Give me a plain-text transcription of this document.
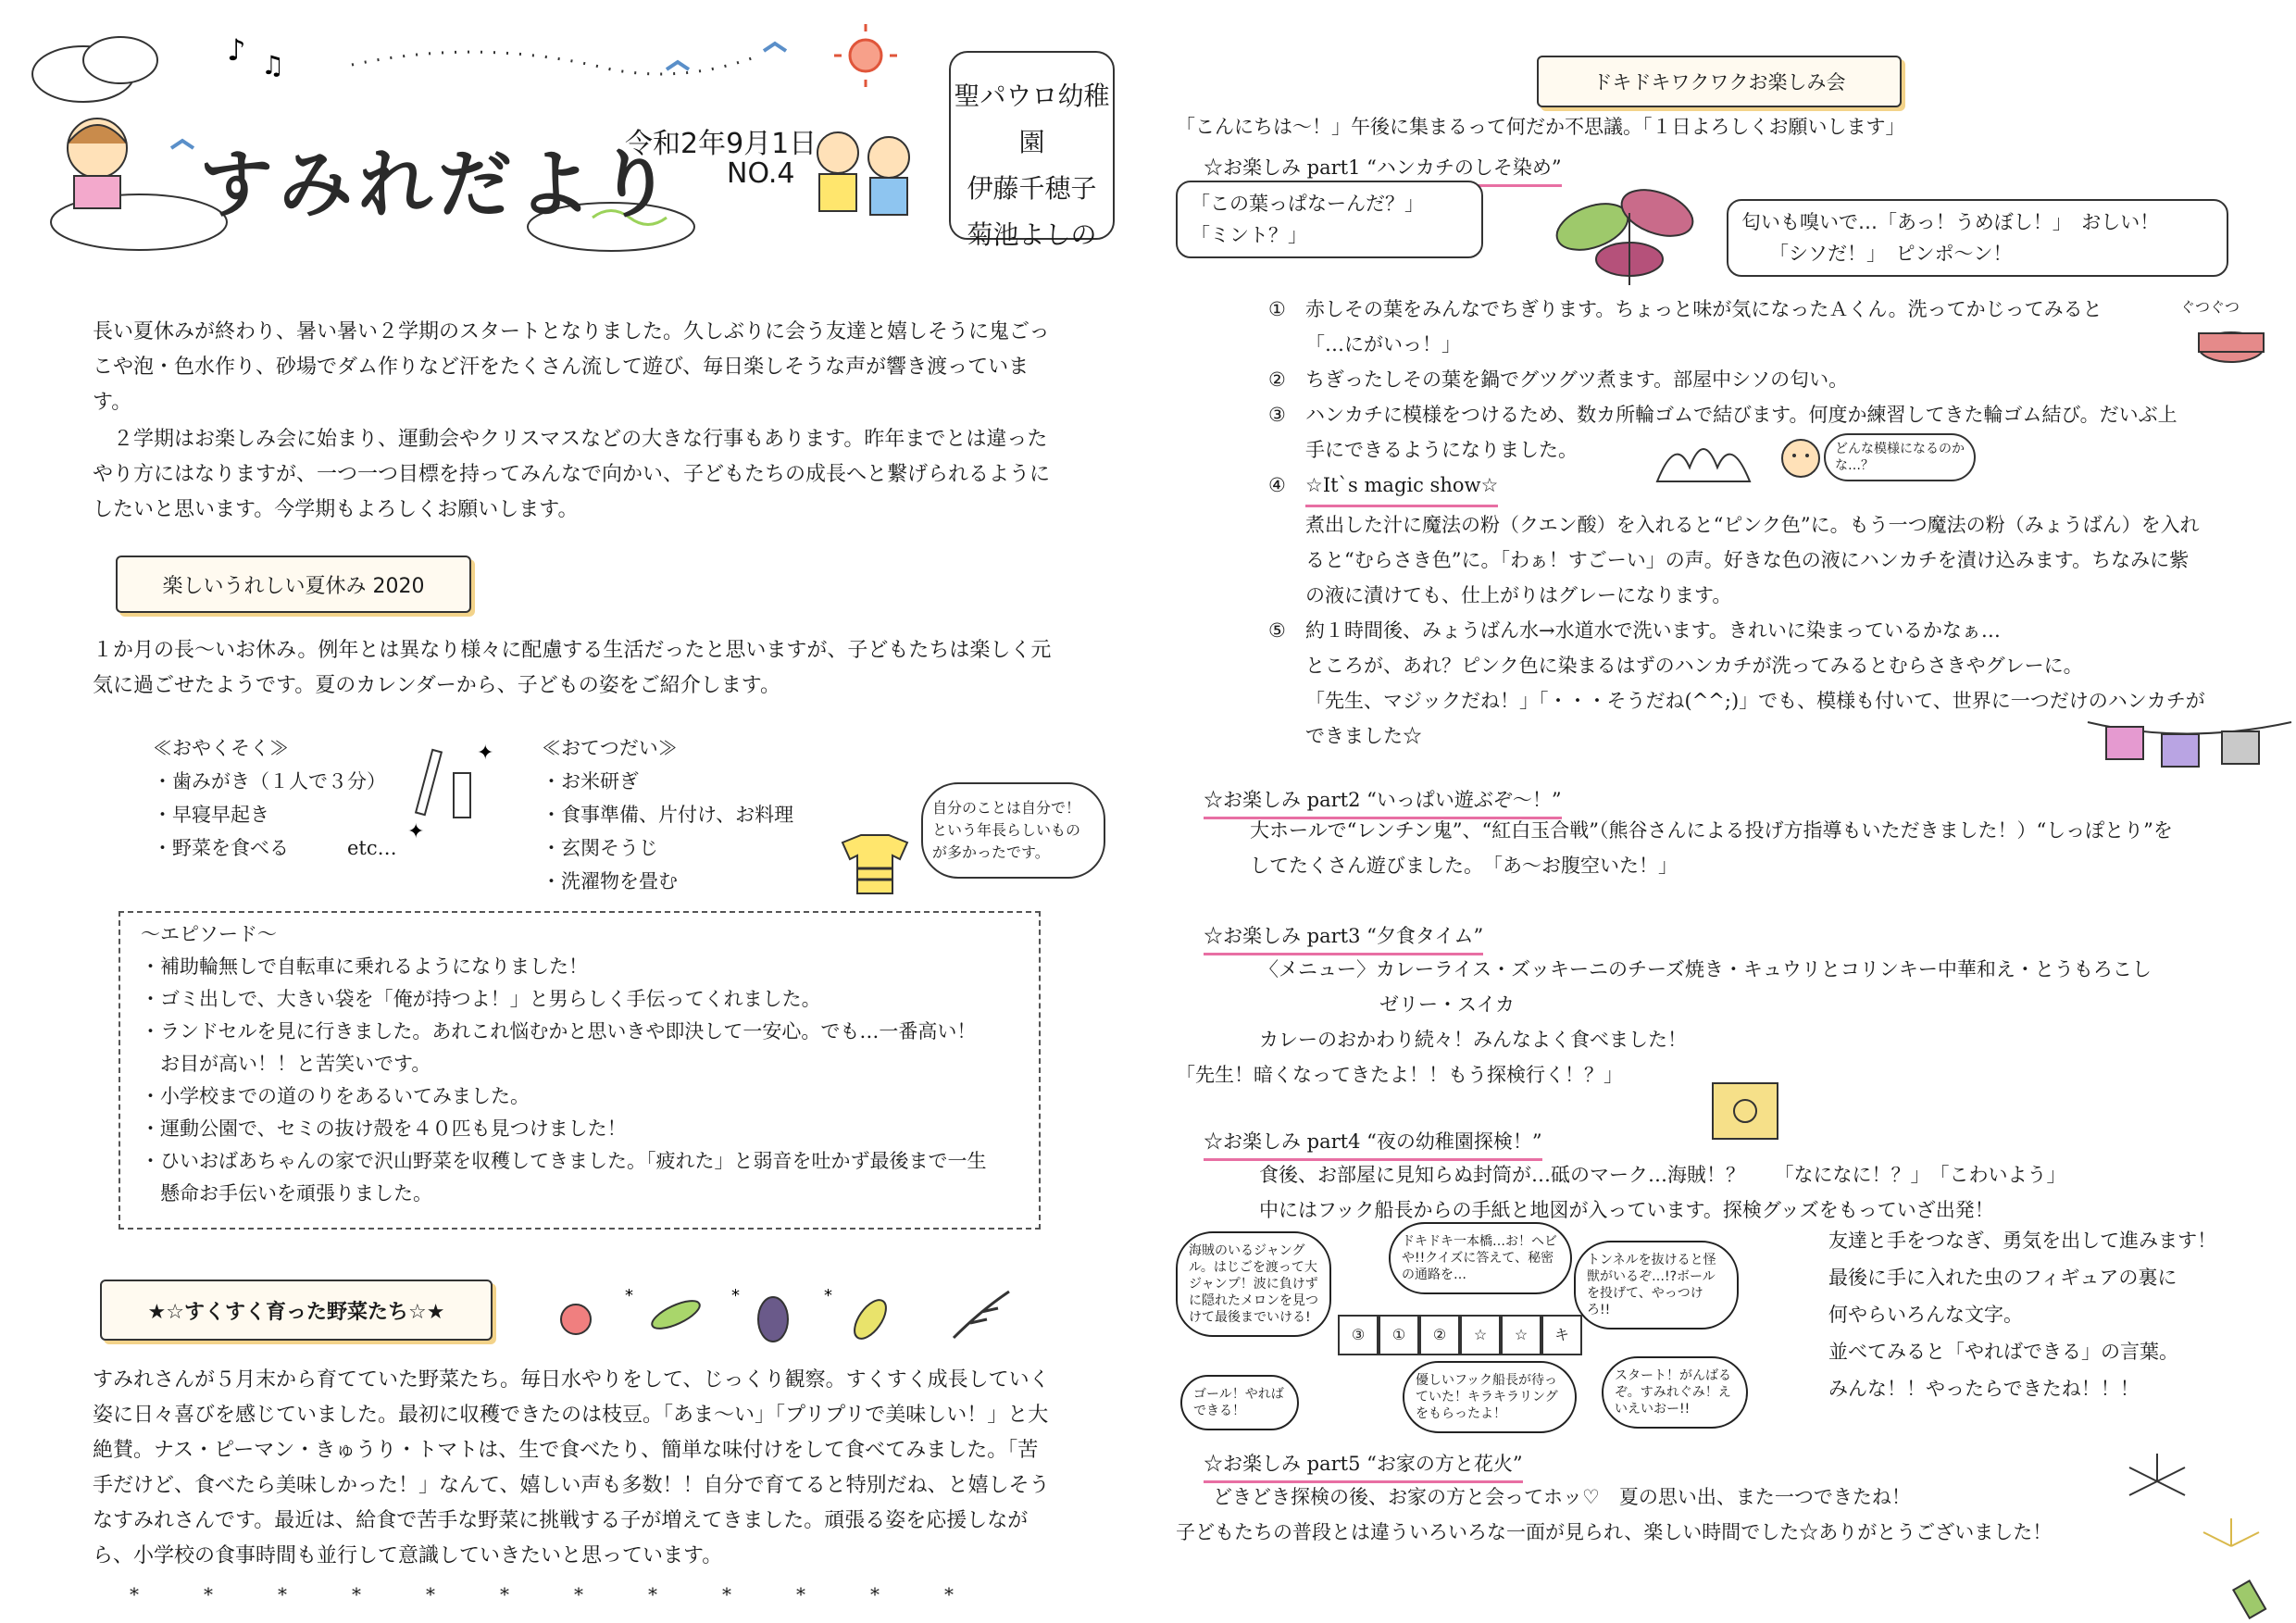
♪ ♫
すみれだより
令和2年9月1日
NO.4
聖パウロ幼稚園
伊藤千穂子
菊池よしの
長い夏休みが終わり、暑い暑い２学期のスタートとなりました。久しぶりに会う友達と嬉しそうに鬼ごっこや泡・色水作り、砂場でダム作りなど汗をたくさん流して遊び、毎日楽しそうな声が響き渡っています。
２学期はお楽しみ会に始まり、運動会やクリスマスなどの大きな行事もあります。昨年までとは違ったやり方にはなりますが、一つ一つ目標を持ってみんなで向かい、子どもたちの成長へと繋げられるようにしたいと思います。今学期もよろしくお願いします。
楽しいうれしい夏休み 2020
１か月の長～いお休み。例年とは異なり様々に配慮する生活だったと思いますが、子どもたちは楽しく元気に過ごせたようです。夏のカレンダーから、子どもの姿をご紹介します。
≪おやくそく≫
・歯みがき（１人で３分）
・早寝早起き
・野菜を食べる　　　etc…
✦
✦
≪おてつだい≫
・お米研ぎ
・食事準備、片付け、お料理
・玄関そうじ
・洗濯物を畳む
自分のことは自分で！という年長らしいものが多かったです。
～エピソード～
・補助輪無しで自転車に乗れるようになりました！
・ゴミ出しで、大きい袋を「俺が持つよ！」と男らしく手伝ってくれました。
・ランドセルを見に行きました。あれこれ悩むかと思いきや即決して一安心。でも…一番高い！
　お目が高い！！と苦笑いです。
・小学校までの道のりをあるいてみました。
・運動公園で、セミの抜け殻を４０匹も見つけました！
・ひいおばあちゃんの家で沢山野菜を収穫してきました。「疲れた」と弱音を吐かず最後まで一生
　懸命お手伝いを頑張りました。
★☆すくすく育った野菜たち☆★
*	*	*
すみれさんが５月末から育てていた野菜たち。毎日水やりをして、じっくり観察。すくすく成長していく姿に日々喜びを感じていました。最初に収穫できたのは枝豆。「あま～い」「プリプリで美味しい！」と大絶賛。ナス・ピーマン・きゅうり・トマトは、生で食べたり、簡単な味付けをして食べてみました。「苦手だけど、食べたら美味しかった！」なんて、嬉しい声も多数！！自分で育てると特別だね、と嬉しそうなすみれさんです。最近は、給食で苦手な野菜に挑戦する子が増えてきました。頑張る姿を応援しながら、小学校の食事時間も並行して意識していきたいと思っています。
*	*	*	*	*	*	*	*	*	*	*	*
ドキドキワクワクお楽しみ会
「こんにちは～！」午後に集まるって何だか不思議。「１日よろしくお願いします」
☆お楽しみ part1 “ハンカチのしそ染め”
「この葉っぱなーんだ？」
「ミント？」
匂いも嗅いで…「あっ！うめぼし！」　おしい！
「シソだ！」　ピンポ～ン！
①	赤しその葉をみんなでちぎります。ちょっと味が気になったＡくん。洗ってかじってみると
「…にがいっ！」
②	ちぎったしその葉を鍋でグツグツ煮ます。部屋中シソの匂い。
③	ハンカチに模様をつけるため、数カ所輪ゴムで結びます。何度か練習してきた輪ゴム結び。だいぶ上
手にできるようになりました。
④	☆It`s magic show☆
煮出した汁に魔法の粉（クエン酸）を入れると“ピンク色”に。もう一つ魔法の粉（みょうばん）を入れ
ると“むらさき色”に。「わぁ！すごーい」の声。好きな色の液にハンカチを漬け込みます。ちなみに紫
の液に漬けても、仕上がりはグレーになります。
⑤	約１時間後、みょうばん水→水道水で洗います。きれいに染まっているかなぁ…
ところが、あれ？ピンク色に染まるはずのハンカチが洗ってみるとむらさきやグレーに。
「先生、マジックだね！」「・・・そうだね(^^;)」でも、模様も付いて、世界に一つだけのハンカチが
できました☆
ぐつぐつ
どんな模様になるのかな…？
☆お楽しみ part2 “いっぱい遊ぶぞ～！”
大ホールで“レンチン鬼”、“紅白玉合戦”（熊谷さんによる投げ方指導もいただきました！）“しっぽとり”を
してたくさん遊びました。　「あ～お腹空いた！」
☆お楽しみ part3 “夕食タイム”
〈メニュー〉カレーライス・ズッキーニのチーズ焼き・キュウリとコリンキー中華和え・とうもろこし
ゼリー・スイカ
カレーのおかわり続々！みんなよく食べました！
「先生！暗くなってきたよ！！もう探検行く！？」
☆お楽しみ part4 “夜の幼稚園探検！”
食後、お部屋に見知らぬ封筒が…砥のマーク…海賊！？　　「なになに！？」　「こわいよう」
中にはフック船長からの手紙と地図が入っています。探検グッズをもっていざ出発！
海賊のいるジャングル。はじごを渡って大ジャンプ！波に負けずに隠れたメロンを見つけて最後までいける!
ドキドキ一本橋…お！ヘビや!!クイズに答えて、秘密の通路を…
トンネルを抜けると怪獣がいるぞ…!?ボールを投げて、やっつけろ!!
ゴール！やればできる！
優しいフック船長が待っていた！キラキラリングをもらったよ！
スタート！がんばるぞ。すみれぐみ！えいえいおー!!
③	①	②	☆	☆	キ
友達と手をつなぎ、勇気を出して進みます！
最後に手に入れた虫のフィギュアの裏に
何やらいろんな文字。
並べてみると「やればできる」の言葉。
みんな！！やったらできたね！！！
☆お楽しみ part5 “お家の方と花火”
どきどき探検の後、お家の方と会ってホッ♡　夏の思い出、また一つできたね！
子どもたちの普段とは違ういろいろな一面が見られ、楽しい時間でした☆ありがとうございました！
